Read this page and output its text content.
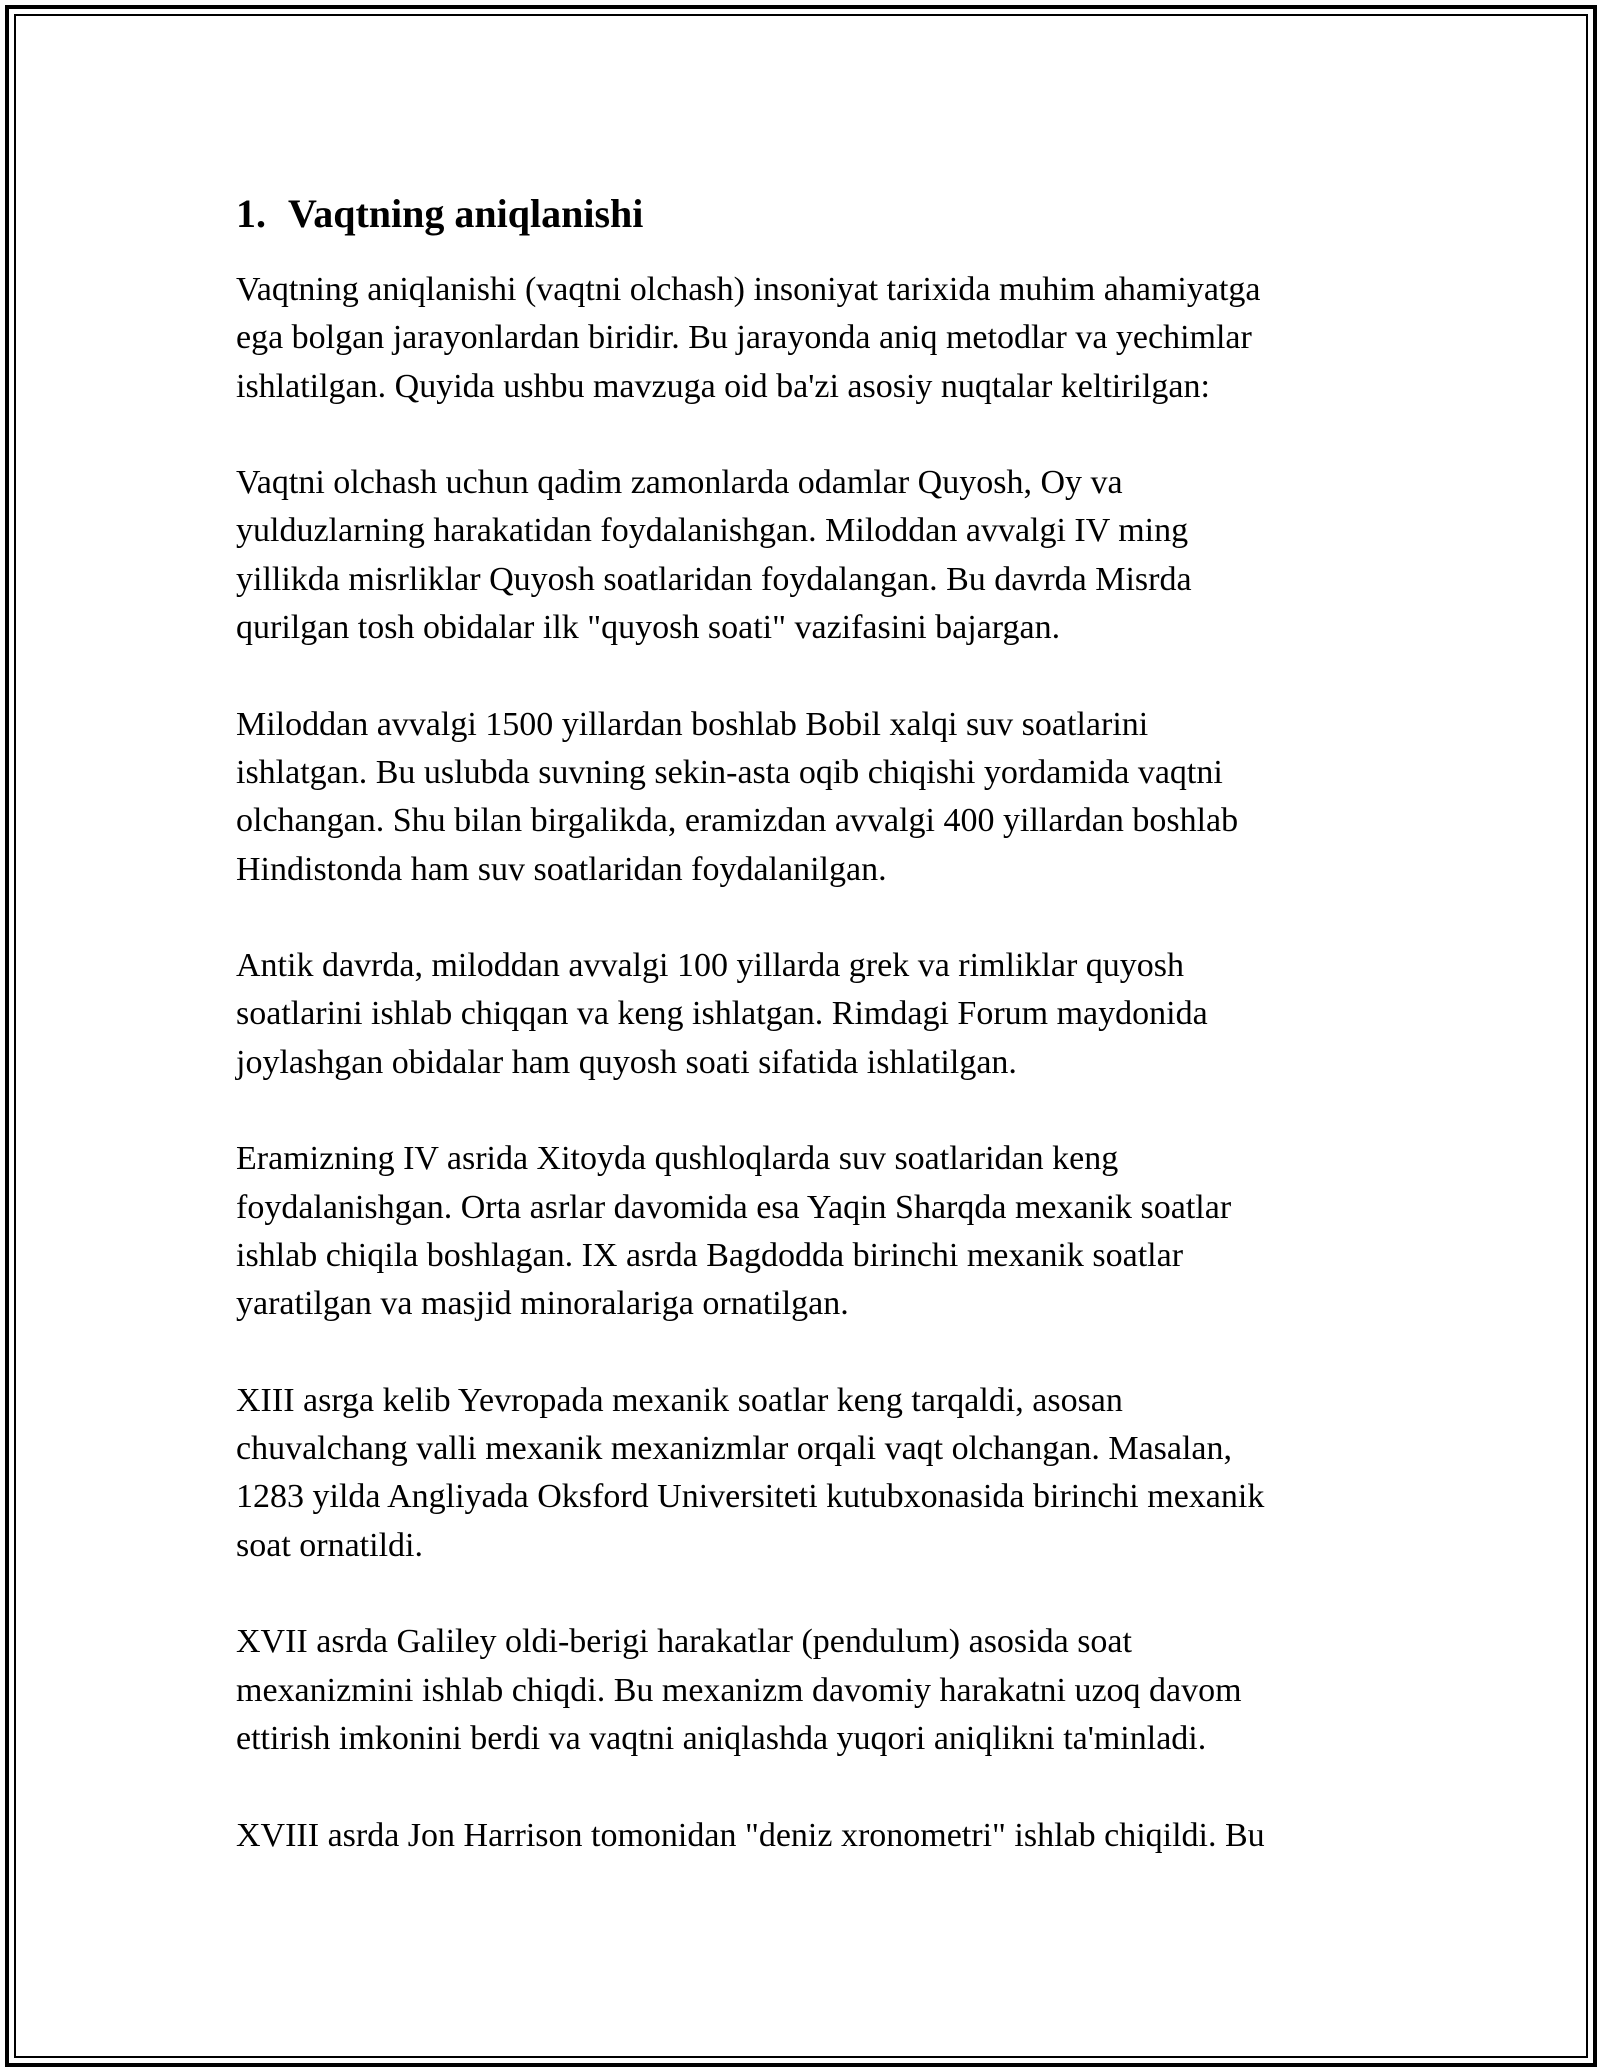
1. Vaqtning aniqlanishi
Vaqtning aniqlanishi (vaqtni olchash) insoniyat tarixida muhim ahamiyatga
ega bolgan jarayonlardan biridir. Bu jarayonda aniq metodlar va yechimlar
ishlatilgan. Quyida ushbu mavzuga oid ba'zi asosiy nuqtalar keltirilgan:
Vaqtni olchash uchun qadim zamonlarda odamlar Quyosh, Oy va
yulduzlarning harakatidan foydalanishgan. Miloddan avvalgi IV ming
yillikda misrliklar Quyosh soatlaridan foydalangan. Bu davrda Misrda
qurilgan tosh obidalar ilk "quyosh soati" vazifasini bajargan.
Miloddan avvalgi 1500 yillardan boshlab Bobil xalqi suv soatlarini
ishlatgan. Bu uslubda suvning sekin-asta oqib chiqishi yordamida vaqtni
olchangan. Shu bilan birgalikda, eramizdan avvalgi 400 yillardan boshlab
Hindistonda ham suv soatlaridan foydalanilgan.
Antik davrda, miloddan avvalgi 100 yillarda grek va rimliklar quyosh
soatlarini ishlab chiqqan va keng ishlatgan. Rimdagi Forum maydonida
joylashgan obidalar ham quyosh soati sifatida ishlatilgan.
Eramizning IV asrida Xitoyda qushloqlarda suv soatlaridan keng
foydalanishgan. Orta asrlar davomida esa Yaqin Sharqda mexanik soatlar
ishlab chiqila boshlagan. IX asrda Bagdodda birinchi mexanik soatlar
yaratilgan va masjid minoralariga ornatilgan.
XIII asrga kelib Yevropada mexanik soatlar keng tarqaldi, asosan
chuvalchang valli mexanik mexanizmlar orqali vaqt olchangan. Masalan,
1283 yilda Angliyada Oksford Universiteti kutubxonasida birinchi mexanik
soat ornatildi.
XVII asrda Galiley oldi-berigi harakatlar (pendulum) asosida soat
mexanizmini ishlab chiqdi. Bu mexanizm davomiy harakatni uzoq davom
ettirish imkonini berdi va vaqtni aniqlashda yuqori aniqlikni ta'minladi.
XVIII asrda Jon Harrison tomonidan "deniz xronometri" ishlab chiqildi. Bu
